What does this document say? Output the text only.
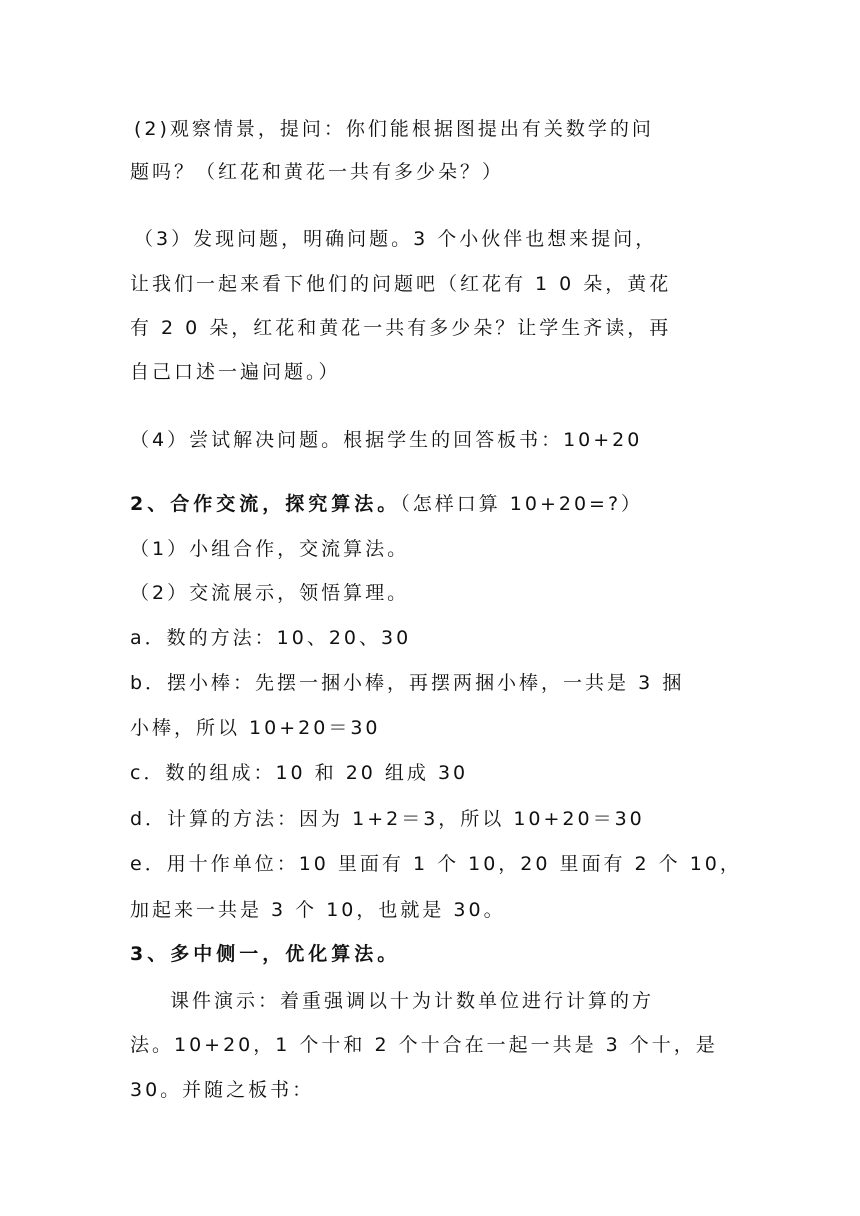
(2)观察情景，提问：你们能根据图提出有关数学的问
题吗？（红花和黄花一共有多少朵？）
（3）发现问题，明确问题。3 个小伙伴也想来提问，
让我们一起来看下他们的问题吧（红花有 1 0 朵，黄花
有 2 0 朵，红花和黄花一共有多少朵？让学生齐读，再
自己口述一遍问题。）
（4）尝试解决问题。根据学生的回答板书：10+20
2、合作交流，探究算法。（怎样口算 10+20=?）
（1）小组合作，交流算法。
（2）交流展示，领悟算理。
a．数的方法：10、20、30
b．摆小棒：先摆一捆小棒，再摆两捆小棒，一共是 3 捆
小棒，所以 10+20＝30
c．数的组成：10 和 20 组成 30
d．计算的方法：因为 1+2＝3，所以 10+20＝30
e．用十作单位：10 里面有 1 个 10，20 里面有 2 个 10，
加起来一共是 3 个 10，也就是 30。
3、多中侧一，优化算法。
课件演示：着重强调以十为计数单位进行计算的方
法。10+20，1 个十和 2 个十合在一起一共是 3 个十，是
30。并随之板书：
